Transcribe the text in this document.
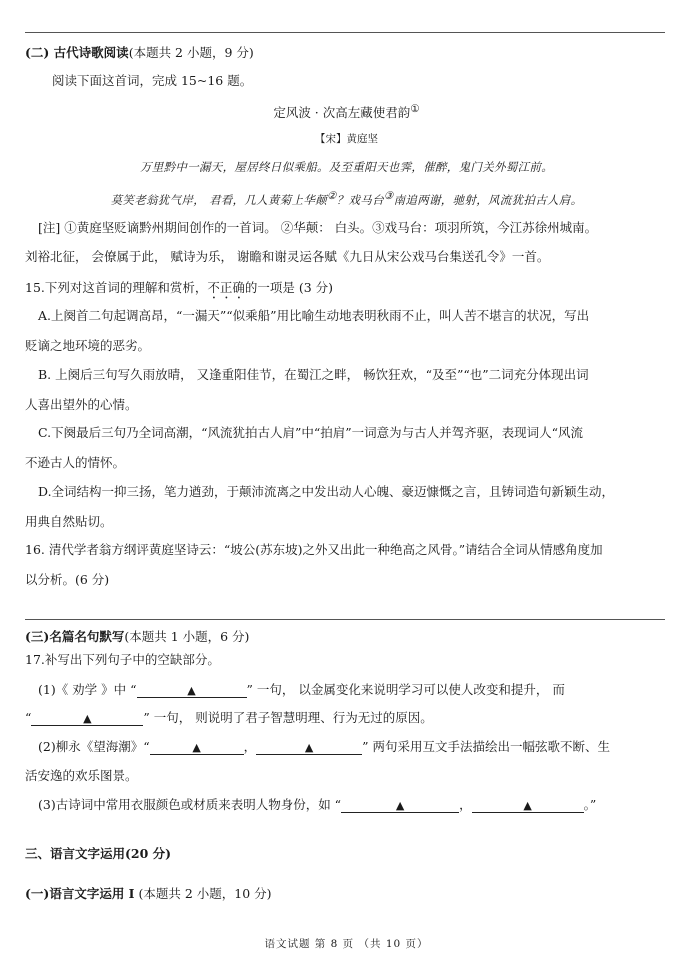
(二) 古代诗歌阅读(本题共 2 小题，9 分)
阅读下面这首词，完成 15~16 题。
定风波 · 次高左藏使君韵①
【宋】黄庭坚
万里黔中一漏天，屋居终日似乘船。及至重阳天也霁，催醉，鬼门关外蜀江前。
莫笑老翁犹气岸， 君看，几人黄菊上华颠②？戏马台③南追两谢，驰射，风流犹拍古人肩。
[注] ①黄庭坚贬谪黔州期间创作的一首词。 ②华颠： 白头。③戏马台：项羽所筑，今江苏徐州城南。
刘裕北征， 会僚属于此， 赋诗为乐， 谢瞻和谢灵运各赋《九日从宋公戏马台集送孔令》一首。
15.下列对这首词的理解和赏析，不正确的一项是 (3 分)
A.上阕首二句起调高昂，“一漏天”“似乘船”用比喻生动地表明秋雨不止，叫人苦不堪言的状况，写出
贬谪之地环境的恶劣。
B. 上阕后三句写久雨放晴， 又逢重阳佳节，在蜀江之畔， 畅饮狂欢，“及至”“也”二词充分体现出词
人喜出望外的心情。
C.下阕最后三句乃全词高潮，“风流犹拍古人肩”中“拍肩”一词意为与古人并驾齐驱，表现词人“风流
不逊古人的情怀。
D.全词结构一抑三扬，笔力遒劲，于颠沛流离之中发出动人心魄、豪迈慷慨之言，且铸词造句新颖生动，
用典自然贴切。
16. 清代学者翁方纲评黄庭坚诗云：“坡公(苏东坡)之外又出此一种绝高之风骨。”请结合全词从情感角度加
以分析。(6 分)
(三)名篇名句默写(本题共 1 小题，6 分)
17.补写出下列句子中的空缺部分。
(1)《 劝学 》中 “	▲	” 一句， 以金属变化来说明学习可以使人改变和提升， 而
“	▲	” 一句， 则说明了君子智慧明理、行为无过的原因。
(2)柳永《望海潮》“	▲	，	▲	” 两句采用互文手法描绘出一幅弦歌不断、生
活安逸的欢乐图景。
(3)古诗词中常用衣服颜色或材质来表明人物身份，如 “	▲	，	▲	。”
三、语言文字运用(20 分)
(一)语言文字运用 Ⅰ (本题共 2 小题，10 分)
语文试题 第 8 页 （共 10 页）
